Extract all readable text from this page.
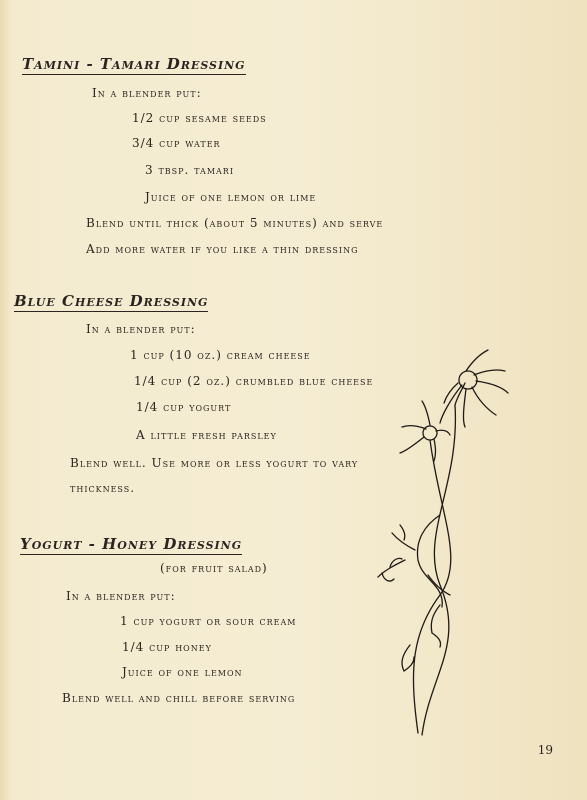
Tamini - Tamari Dressing
In a blender put:
1/2 cup sesame seeds
3/4 cup water
3 tbsp. tamari
Juice of one lemon or lime
Blend until thick (about 5 minutes) and serve
Add more water if you like a thin dressing
Blue Cheese Dressing
In a blender put:
1 cup (10 oz.) cream cheese
1/4 cup (2 oz.) crumbled blue cheese
1/4 cup yogurt
A little fresh parsley
Blend well. Use more or less yogurt to vary
thickness.
Yogurt - Honey Dressing
(for fruit salad)
In a blender put:
1 cup yogurt or sour cream
1/4 cup honey
Juice of one lemon
Blend well and chill before serving
19
